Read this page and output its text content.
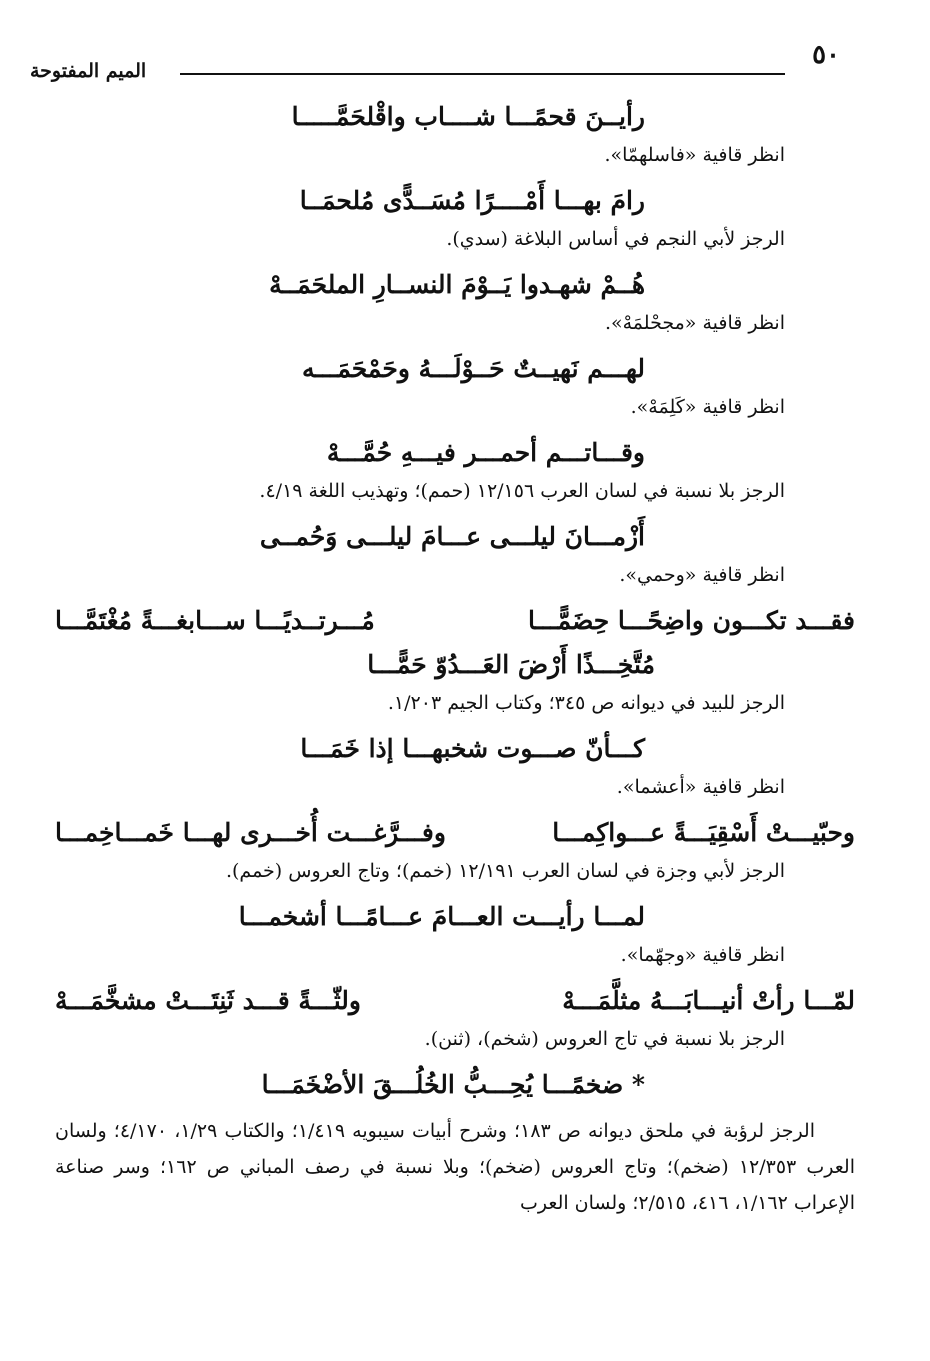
٥٠
الميم المفتوحة
رأيــنَ قحمًـــا شــــاب واقْلحَمَّـــــا
انظر قافية «فاسلهمّا».
رامَ بهـــا أَمْــــرًا مُسَــدًّى مُلحمَــا
الرجز لأبي النجم في أساس البلاغة (سدي).
هُــمْ شهـدوا يَــوْمَ النســارِ الملحَمَــهْ
انظر قافية «مجحْلمَهْ».
لهـــم نَهيــتٌ حَــوْلَـــهُ وحَمْحَمَـــه
انظر قافية «كَلِمَهْ».
وقـــاتـــم أحمـــر فيـــهِ حُمَّـــهْ
الرجز بلا نسبة في لسان العرب ١٢/١٥٦ (حمم)؛ وتهذيب اللغة ٤/١٩.
أَزْمـــانَ ليلـــى عـــامَ ليلـــى وَحُمــى
انظر قافية «وحمي».
فقـــد تكـــون واضِحًـــا حِضَمًّـــا
مُـــرتــديًـــا ســـابغـــةً مُغْتَمَّـــا
مُتَّخِـــذًا أَرْضَ العَـــدُوّ حَمًّـــا
الرجز للبيد في ديوانه ص ٣٤٥؛ وكتاب الجيم ١/٢٠٣.
كـــأنّ صـــوت شخبهـــا إذا خَمَـــا
انظر قافية «أعشما».
وحبّيـــتْ أَسْقِيَـــةً عـــواكِمـــا
وفـــرَّغـــت أُخـــرى لهـــا خَمـــاخِمـــا
الرجز لأبي وجزة في لسان العرب ١٢/١٩١ (خمم)؛ وتاج العروس (خمم).
لمـــا رأيـــت العـــامَ عـــامًـــا أشخمـــا
انظر قافية «وجهّما».
لمّـــا رأتْ أنيـــابَـــهُ مثلَّمَـــهْ
ولثّـــةً قـــد ثَنِتَـــتْ مشخَّمَـــهْ
الرجز بلا نسبة في تاج العروس (شخم)، (ثنن).
* ضخمًـــا يُحِـــبُّ الخُلُـــقَ الأضْخَمَـــا
الرجز لرؤبة في ملحق ديوانه ص ١٨٣؛ وشرح أبيات سيبويه ١/٤١٩؛ والكتاب ١/٢٩، ٤/١٧٠؛ ولسان العرب ١٢/٣٥٣ (ضخم)؛ وتاج العروس (ضخم)؛ وبلا نسبة في رصف المباني ص ١٦٢؛ وسر صناعة الإعراب ١/١٦٢، ٤١٦، ٢/٥١٥؛ ولسان العرب
